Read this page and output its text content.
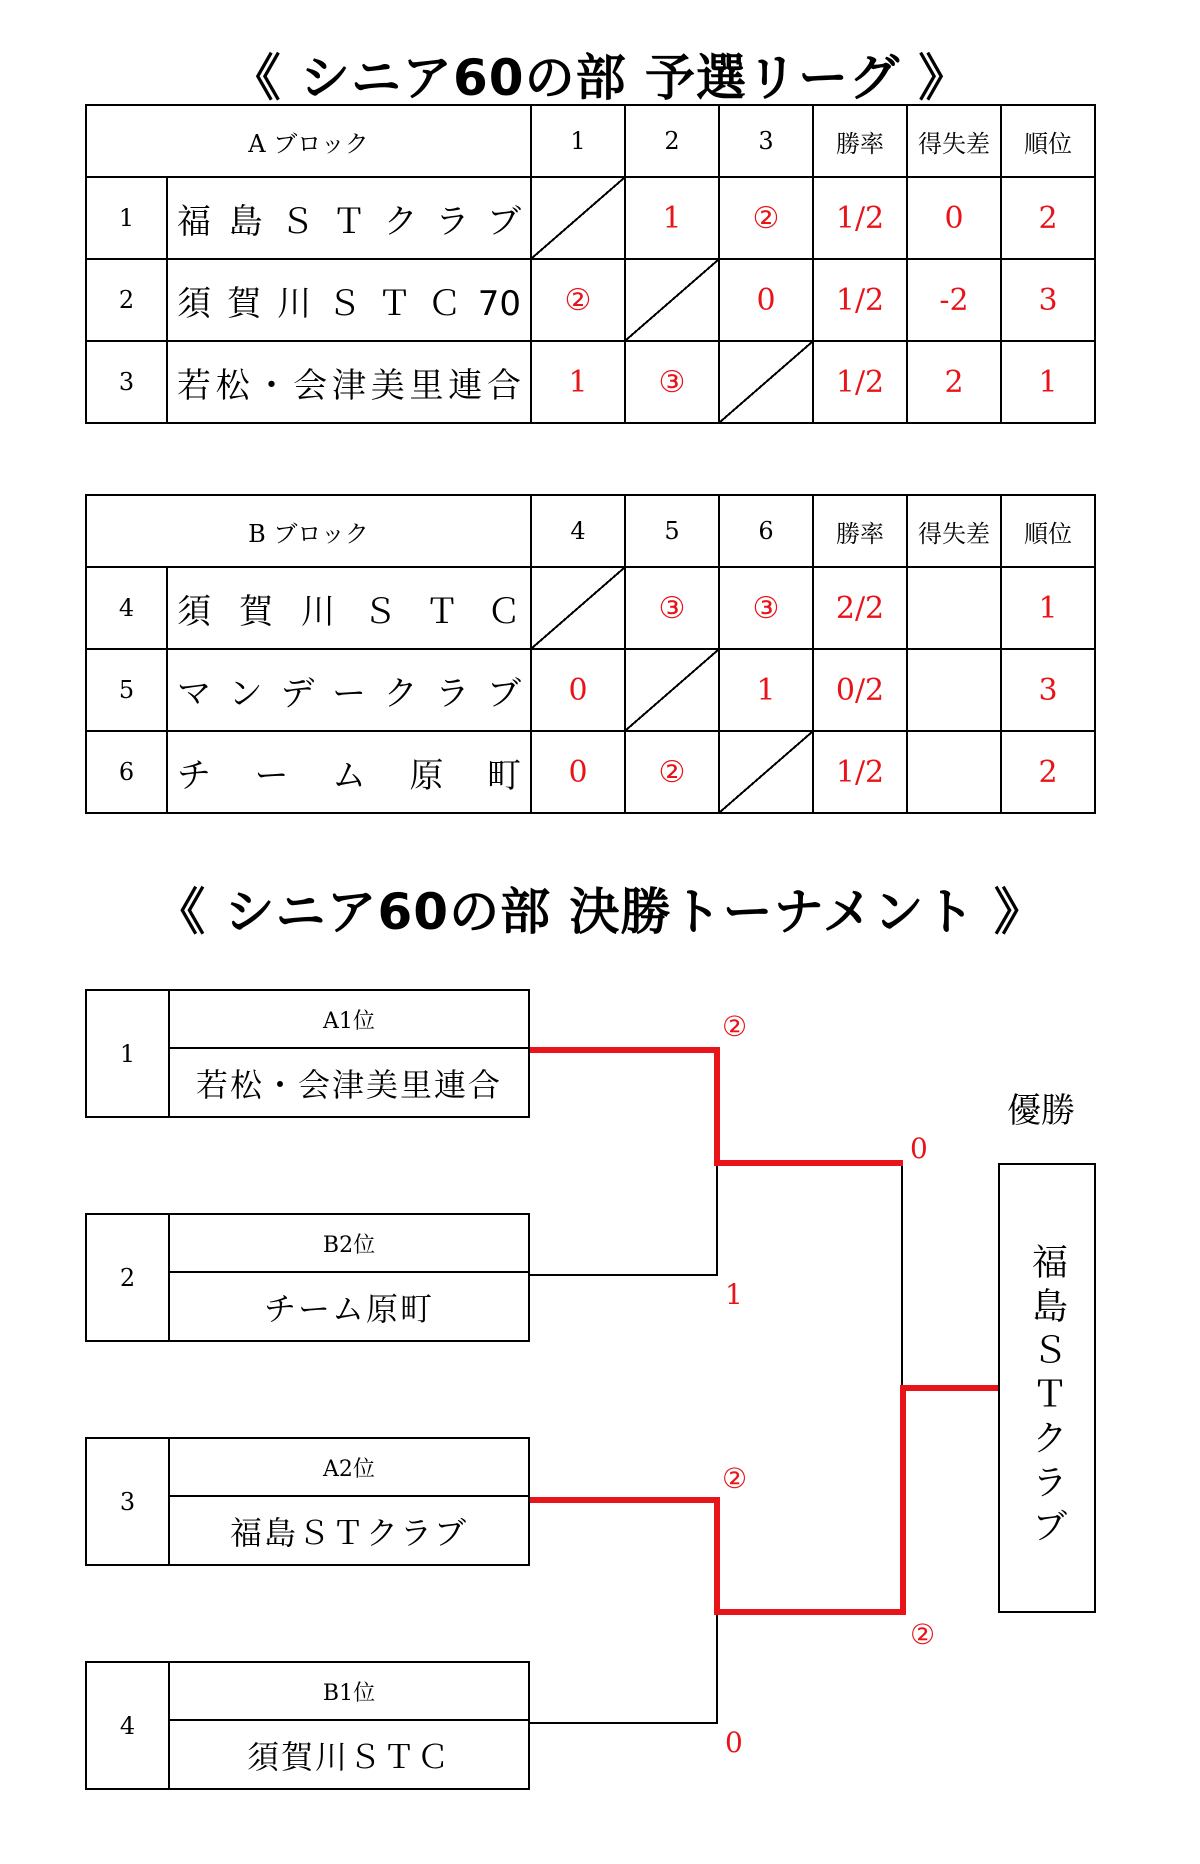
《 シニア60の部 予選リーグ 》
《 シニア60の部 決勝トーナメント 》
A ブロック		1	2	3	勝率	得失差	順位
1	福島ＳＴクラブ		1	②	1/2	0	2
2	須賀川ＳＴＣ70	②		0	1/2	-2	3
3	若松・会津美里連合	1	③		1/2	2	1
B ブロック		4	5	6	勝率	得失差	順位
4	須賀川ＳＴＣ		③	③	2/2		1
5	マンデークラブ	0		1	0/2		3
6	チーム原町	0	②		1/2		2
1
A1位
若松・会津美里連合
2
B2位
チーム原町
3
A2位
福島ＳＴクラブ
4
B1位
須賀川ＳＴＣ
②
1
②
0
0
②
優勝
福島ＳＴクラブ
